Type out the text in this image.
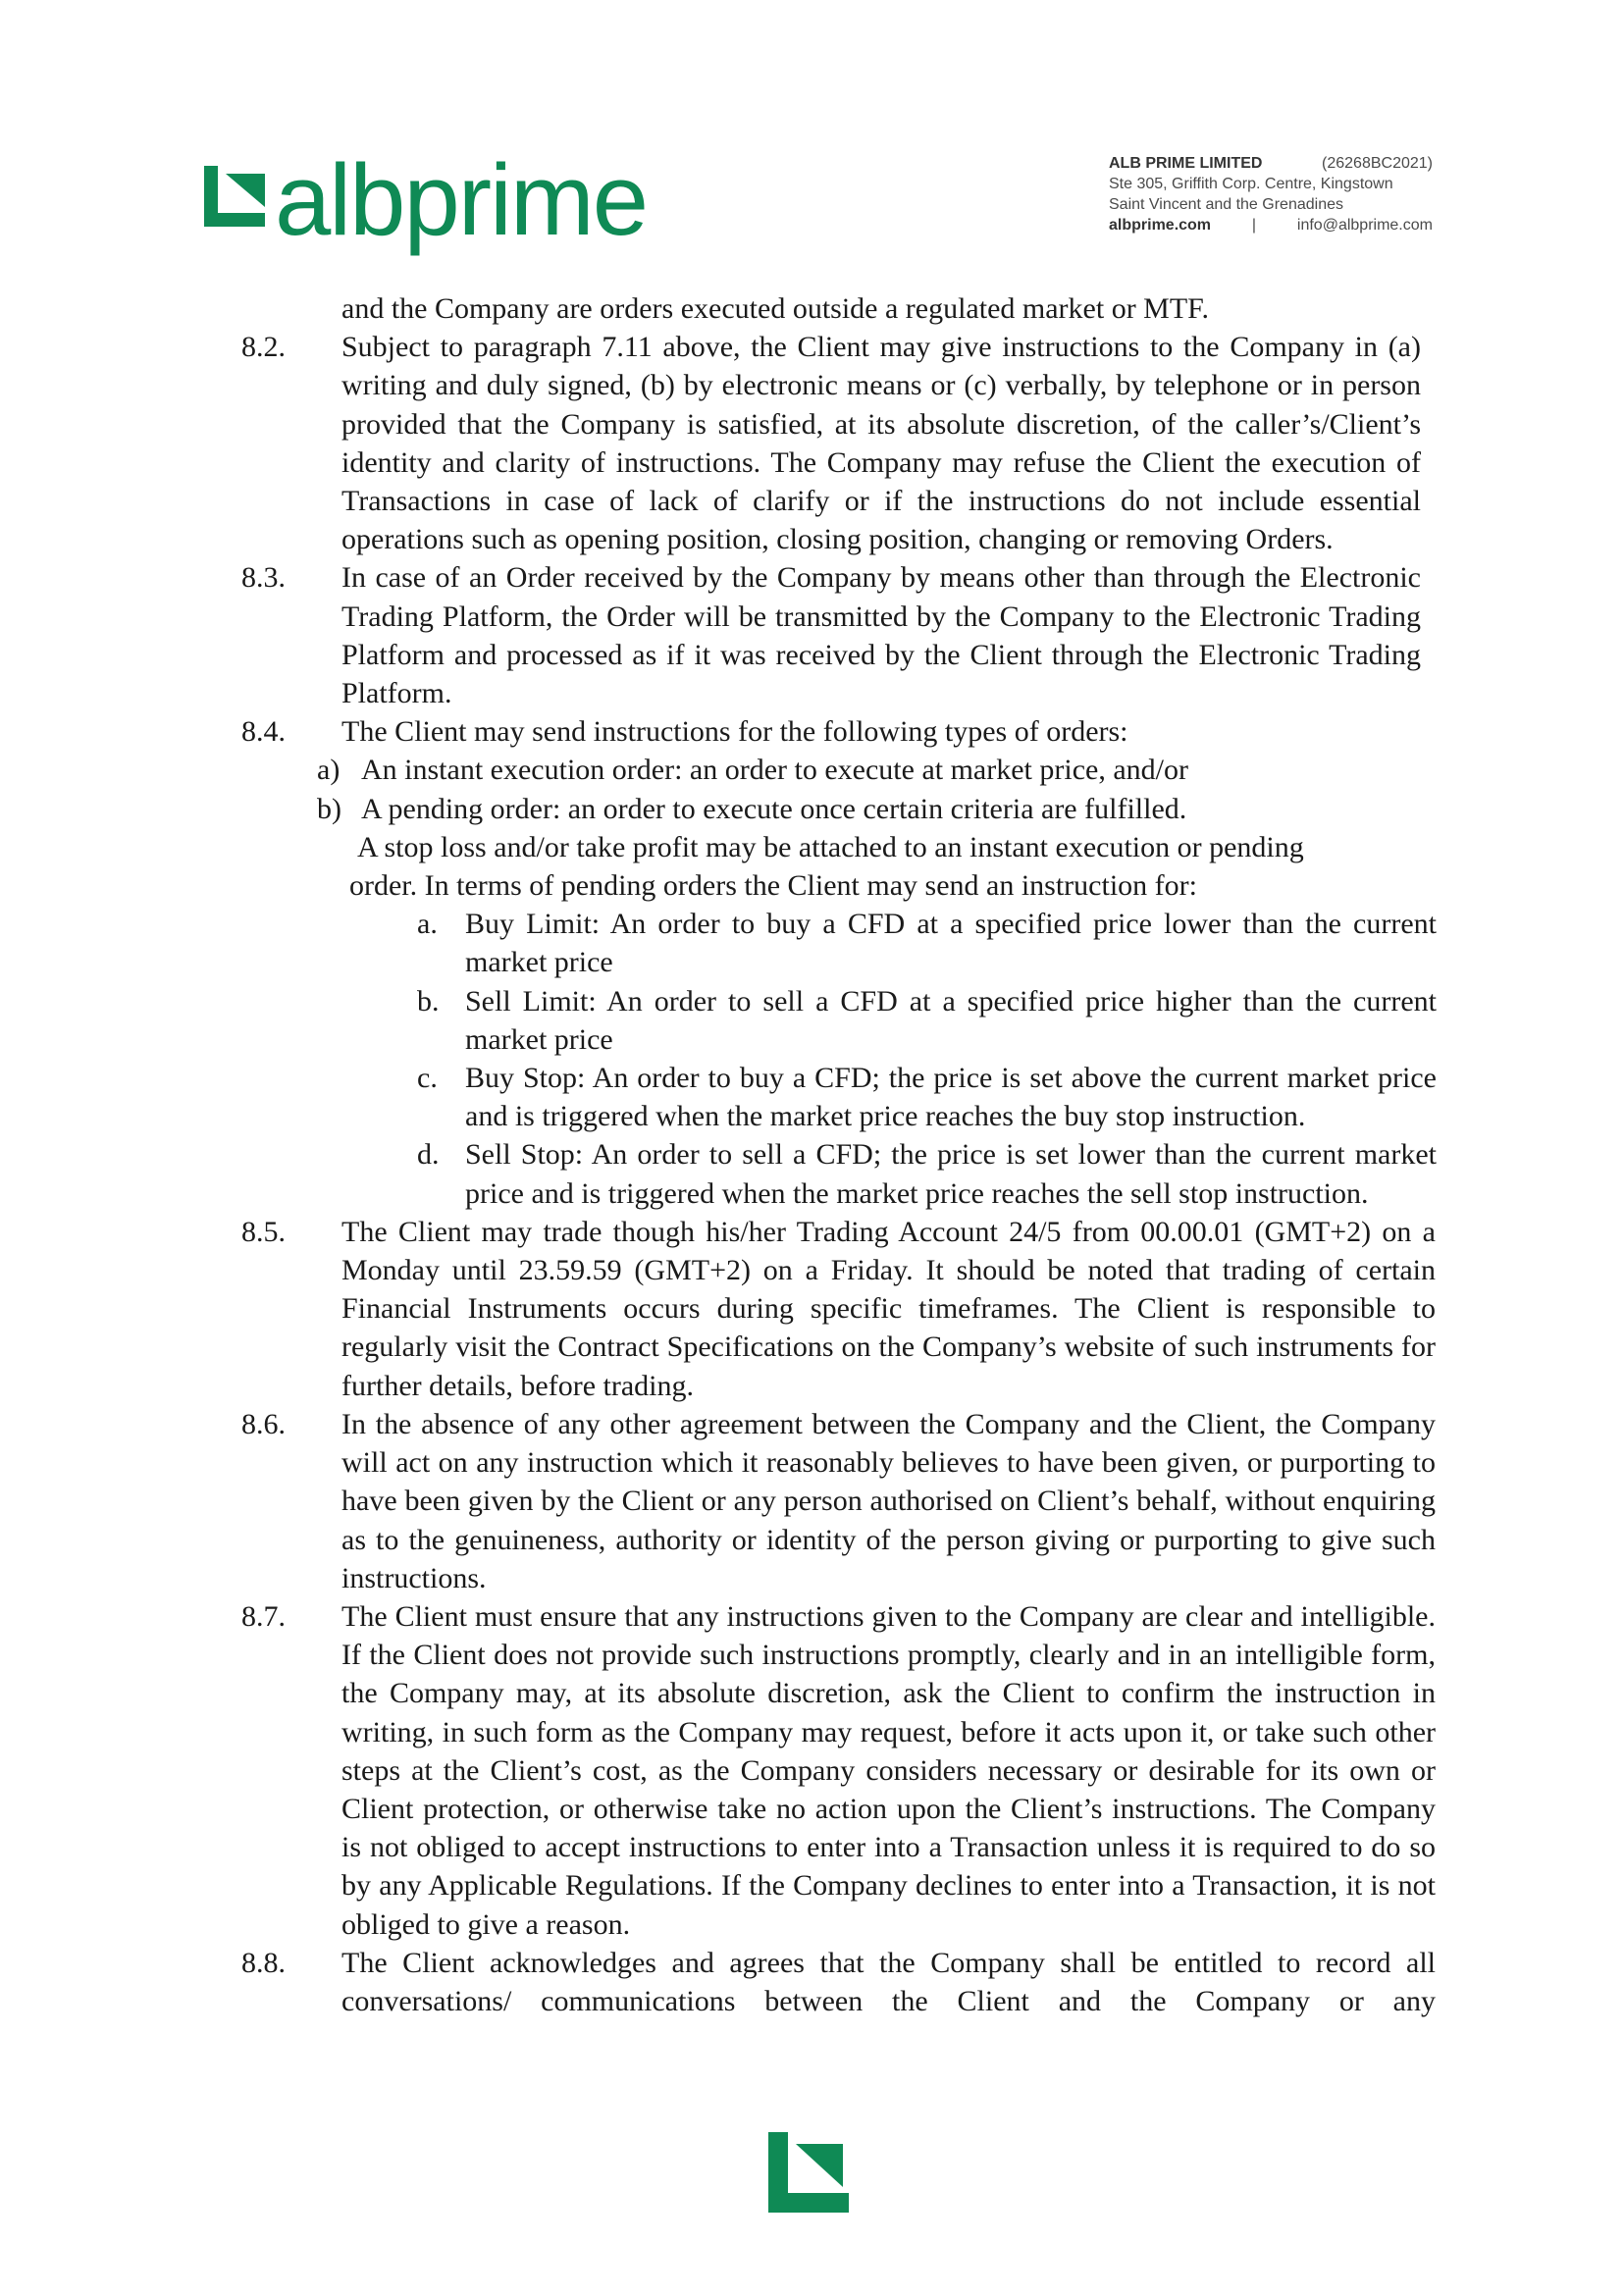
albprime	ALB PRIME LIMITED	(26268BC2021)
Ste 305, Griffith Corp. Centre, Kingstown
Saint Vincent and the Grenadines
albprime.com	|	info@albprime.com
and the Company are orders executed outside a regulated market or MTF.
8.2. Subject to paragraph 7.11 above, the Client may give instructions to the Company in (a) writing and duly signed, (b) by electronic means or (c) verbally, by telephone or in person provided that the Company is satisfied, at its absolute discretion, of the caller’s/Client’s identity and clarity of instructions. The Company may refuse the Client the execution of Transactions in case of lack of clarify or if the instructions do not include essential operations such as opening position, closing position, changing or removing Orders.
8.3. In case of an Order received by the Company by means other than through the Electronic Trading Platform, the Order will be transmitted by the Company to the Electronic Trading Platform and processed as if it was received by the Client through the Electronic Trading Platform.
8.4. The Client may send instructions for the following types of orders:
a) An instant execution order: an order to execute at market price, and/or
b) A pending order: an order to execute once certain criteria are fulfilled.
A stop loss and/or take profit may be attached to an instant execution or pending
order. In terms of pending orders the Client may send an instruction for:
a. Buy Limit: An order to buy a CFD at a specified price lower than the current market price
b. Sell Limit: An order to sell a CFD at a specified price higher than the current market price
c. Buy Stop: An order to buy a CFD; the price is set above the current market price and is triggered when the market price reaches the buy stop instruction.
d. Sell Stop: An order to sell a CFD; the price is set lower than the current market price and is triggered when the market price reaches the sell stop instruction.
8.5. The Client may trade though his/her Trading Account 24/5 from 00.00.01 (GMT+2) on a Monday until 23.59.59 (GMT+2) on a Friday. It should be noted that trading of certain Financial Instruments occurs during specific timeframes. The Client is responsible to regularly visit the Contract Specifications on the Company’s website of such instruments for further details, before trading.
8.6. In the absence of any other agreement between the Company and the Client, the Company will act on any instruction which it reasonably believes to have been given, or purporting to have been given by the Client or any person authorised on Client’s behalf, without enquiring as to the genuineness, authority or identity of the person giving or purporting to give such instructions.
8.7. The Client must ensure that any instructions given to the Company are clear and intelligible. If the Client does not provide such instructions promptly, clearly and in an intelligible form, the Company may, at its absolute discretion, ask the Client to confirm the instruction in writing, in such form as the Company may request, before it acts upon it, or take such other steps at the Client’s cost, as the Company considers necessary or desirable for its own or Client protection, or otherwise take no action upon the Client’s instructions. The Company is not obliged to accept instructions to enter into a Transaction unless it is required to do so by any Applicable Regulations. If the Company declines to enter into a Transaction, it is not obliged to give a reason.
8.8. The Client acknowledges and agrees that the Company shall be entitled to record all conversations/ communications between the Client and the Company or any
